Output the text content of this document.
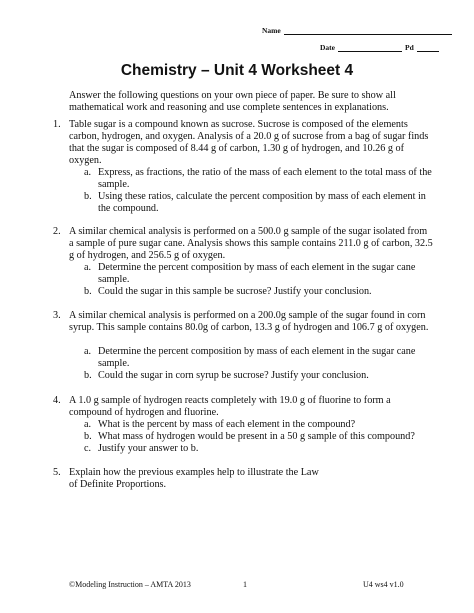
Name
Date	Pd
Chemistry – Unit 4 Worksheet 4
Answer the following questions on your own piece of paper. Be sure to show all mathematical work and reasoning and use complete sentences in explanations.
1. Table sugar is a compound known as sucrose. Sucrose is composed of the elements carbon, hydrogen, and oxygen. Analysis of a 20.0 g of sucrose from a bag of sugar finds that the sugar is composed of 8.44 g of carbon, 1.30 g of hydrogen, and 10.26 g of oxygen.
a. Express, as fractions, the ratio of the mass of each element to the total mass of the sample.
b. Using these ratios, calculate the percent composition by mass of each element in the compound.
2. A similar chemical analysis is performed on a 500.0 g sample of the sugar isolated from a sample of pure sugar cane. Analysis shows this sample contains 211.0 g of carbon, 32.5 g of hydrogen, and 256.5 g of oxygen.
a. Determine the percent composition by mass of each element in the sugar cane sample.
b. Could the sugar in this sample be sucrose? Justify your conclusion.
3. A similar chemical analysis is performed on a 200.0g sample of the sugar found in corn syrup. This sample contains 80.0g of carbon, 13.3 g of hydrogen and 106.7 g of oxygen.
a. Determine the percent composition by mass of each element in the sugar cane sample.
b. Could the sugar in corn syrup be sucrose? Justify your conclusion.
4. A 1.0 g sample of hydrogen reacts completely with 19.0 g of fluorine to form a compound of hydrogen and fluorine.
a. What is the percent by mass of each element in the compound?
b. What mass of hydrogen would be present in a 50 g sample of this compound?
c. Justify your answer to b.
5. Explain how the previous examples help to illustrate the Law of Definite Proportions.
©Modeling Instruction – AMTA 2013	1	U4 ws4 v1.0
